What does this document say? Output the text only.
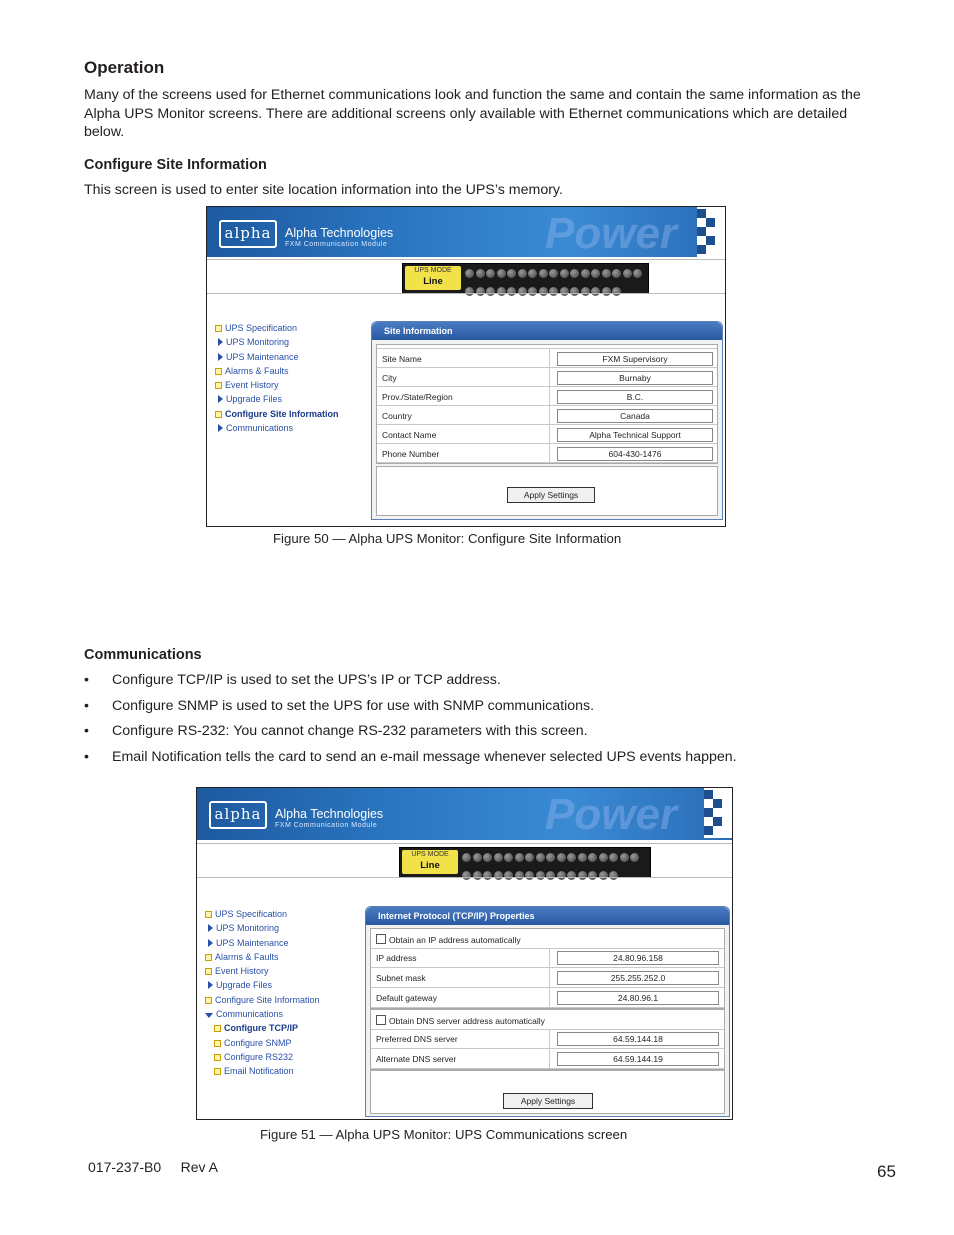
Operation

Many of the screens used for Ethernet communications look and function the same and contain the same information as the Alpha UPS Monitor screens. There are additional screens only available with Ethernet communications which are detailed below.

Configure Site Information

This screen is used to enter site location information into the UPS’s memory.

alpha	Alpha Technologies
FXM Communication Module	Power
UPS MODE
Line
UPS Specification
UPS Monitoring
UPS Maintenance
Alarms & Faults
Event History
Upgrade Files
Configure Site Information
Communications
Site Information
Site Name	FXM Supervisory
City	Burnaby
Prov./State/Region	B.C.
Country	Canada
Contact Name	Alpha Technical Support
Phone Number	604-430-1476
Apply Settings
Figure 50 — Alpha UPS Monitor: Configure Site Information
Communications
• Configure TCP/IP is used to set the UPS’s IP or TCP address.
• Configure SNMP is used to set the UPS for use with SNMP communications.
• Configure RS-232: You cannot change RS-232 parameters with this screen.
• Email Notification tells the card to send an e-mail message whenever selected UPS events happen.
alpha	Alpha Technologies
FXM Communication Module	Power
UPS MODE
Line
UPS Specification
UPS Monitoring
UPS Maintenance
Alarms & Faults
Event History
Upgrade Files
Configure Site Information
Communications
Configure TCP/IP
Configure SNMP
Configure RS232
Email Notification
Internet Protocol (TCP/IP) Properties
Obtain an IP address automatically
IP address	24.80.96.158
Subnet mask	255.255.252.0
Default gateway	24.80.96.1
Obtain DNS server address automatically
Preferred DNS server	64.59.144.18
Alternate DNS server	64.59.144.19
Apply Settings
Figure 51 — Alpha UPS Monitor: UPS Communications screen
017-237-B0 Rev A	65
